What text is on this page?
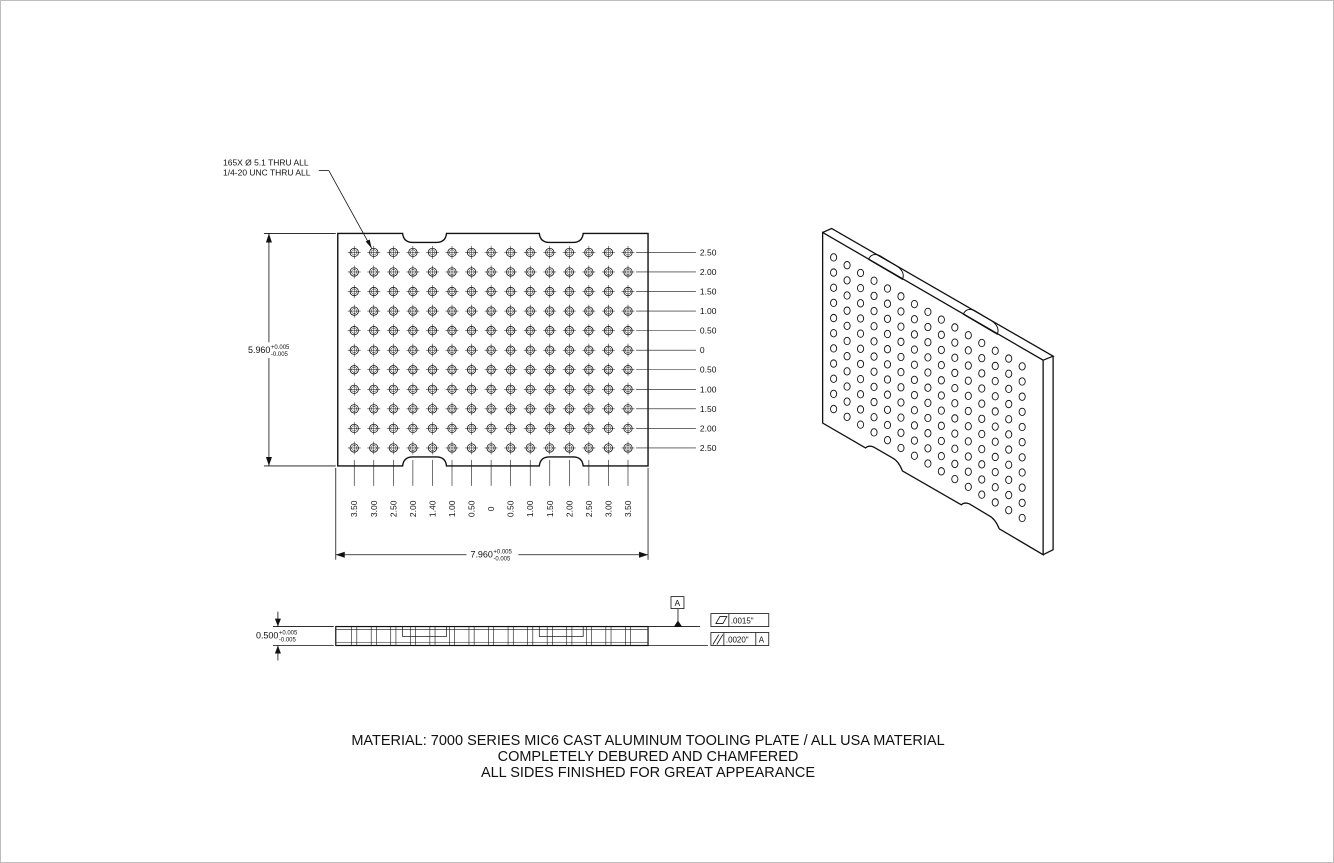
2.50
2.00
1.50
1.00
0.50
0
0.50
1.00
1.50
2.00
2.50
3.50 3.00 2.50 2.00 1.40 1.00 0.50 0 0.50 1.00 1.50 2.00 2.50 3.00 3.50
165X Ø 5.1 THRU ALL
1/4-20 UNC THRU ALL
5.960 +0.005
-0.005
7.960 +0.005
-0.005
0.500 +0.005
-0.005
A
.0015"
.0020" A
MATERIAL: 7000 SERIES MIC6 CAST ALUMINUM TOOLING PLATE / ALL USA MATERIAL
COMPLETELY DEBURED AND CHAMFERED
ALL SIDES FINISHED FOR GREAT APPEARANCE
